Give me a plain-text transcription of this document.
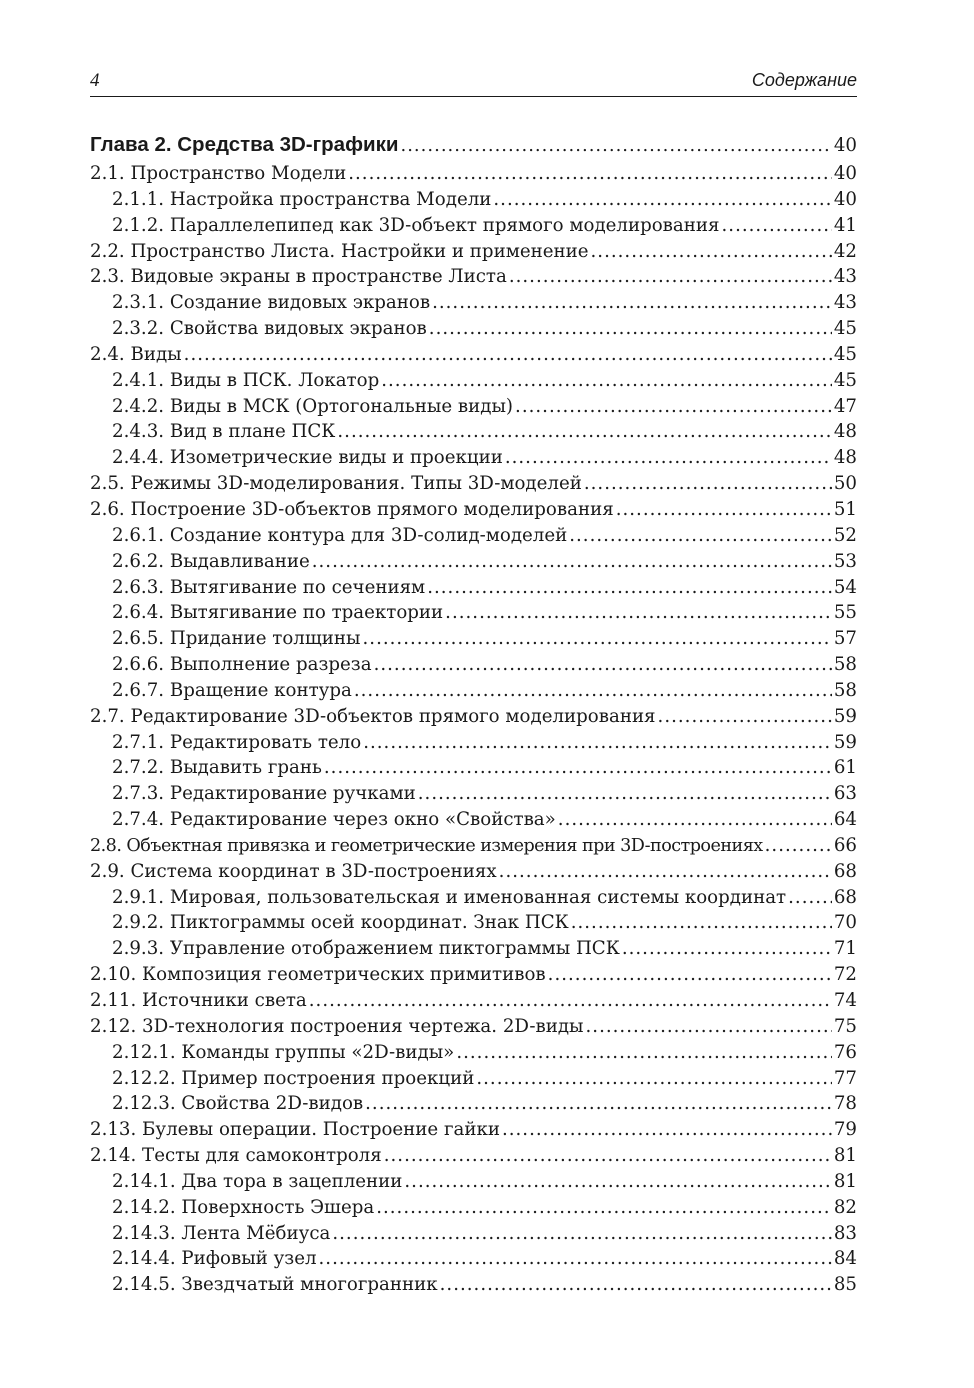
4	Содержание
Глава 2. Средства 3D-графики .....	40
2.1. Пространство Модели .....	40
2.1.1. Настройка пространства Модели .....	40
2.1.2. Параллелепипед как 3D-объект прямого моделирования .....	41
2.2. Пространство Листа. Настройки и применение .....	42
2.3. Видовые экраны в пространстве Листа .....	43
2.3.1. Создание видовых экранов .....	43
2.3.2. Свойства видовых экранов .....	45
2.4. Виды .....	45
2.4.1. Виды в ПСК. Локатор .....	45
2.4.2. Виды в МСК (Ортогональные виды) .....	47
2.4.3. Вид в плане ПСК .....	48
2.4.4. Изометрические виды и проекции .....	48
2.5. Режимы 3D-моделирования. Типы 3D-моделей .....	50
2.6. Построение 3D-объектов прямого моделирования .....	51
2.6.1. Создание контура для 3D-солид-моделей .....	52
2.6.2. Выдавливание .....	53
2.6.3. Вытягивание по сечениям .....	54
2.6.4. Вытягивание по траектории .....	55
2.6.5. Придание толщины .....	57
2.6.6. Выполнение разреза .....	58
2.6.7. Вращение контура .....	58
2.7. Редактирование 3D-объектов прямого моделирования .....	59
2.7.1. Редактировать тело .....	59
2.7.2. Выдавить грань .....	61
2.7.3. Редактирование ручками .....	63
2.7.4. Редактирование через окно «Свойства» .....	64
2.8. Объектная привязка и геометрические измерения при 3D-построениях .....	66
2.9. Система координат в 3D-построениях .....	68
2.9.1. Мировая, пользовательская и именованная системы координат .....	68
2.9.2. Пиктограммы осей координат. Знак ПСК .....	70
2.9.3. Управление отображением пиктограммы ПСК .....	71
2.10. Композиция геометрических примитивов .....	72
2.11. Источники света .....	74
2.12. 3D-технология построения чертежа. 2D-виды .....	75
2.12.1. Команды группы «2D-виды» .....	76
2.12.2. Пример построения проекций .....	77
2.12.3. Свойства 2D-видов .....	78
2.13. Булевы операции. Построение гайки .....	79
2.14. Тесты для самоконтроля .....	81
2.14.1. Два тора в зацеплении .....	81
2.14.2. Поверхность Эшера .....	82
2.14.3. Лента Мёбиуса .....	83
2.14.4. Рифовый узел .....	84
2.14.5. Звездчатый многогранник .....	85
